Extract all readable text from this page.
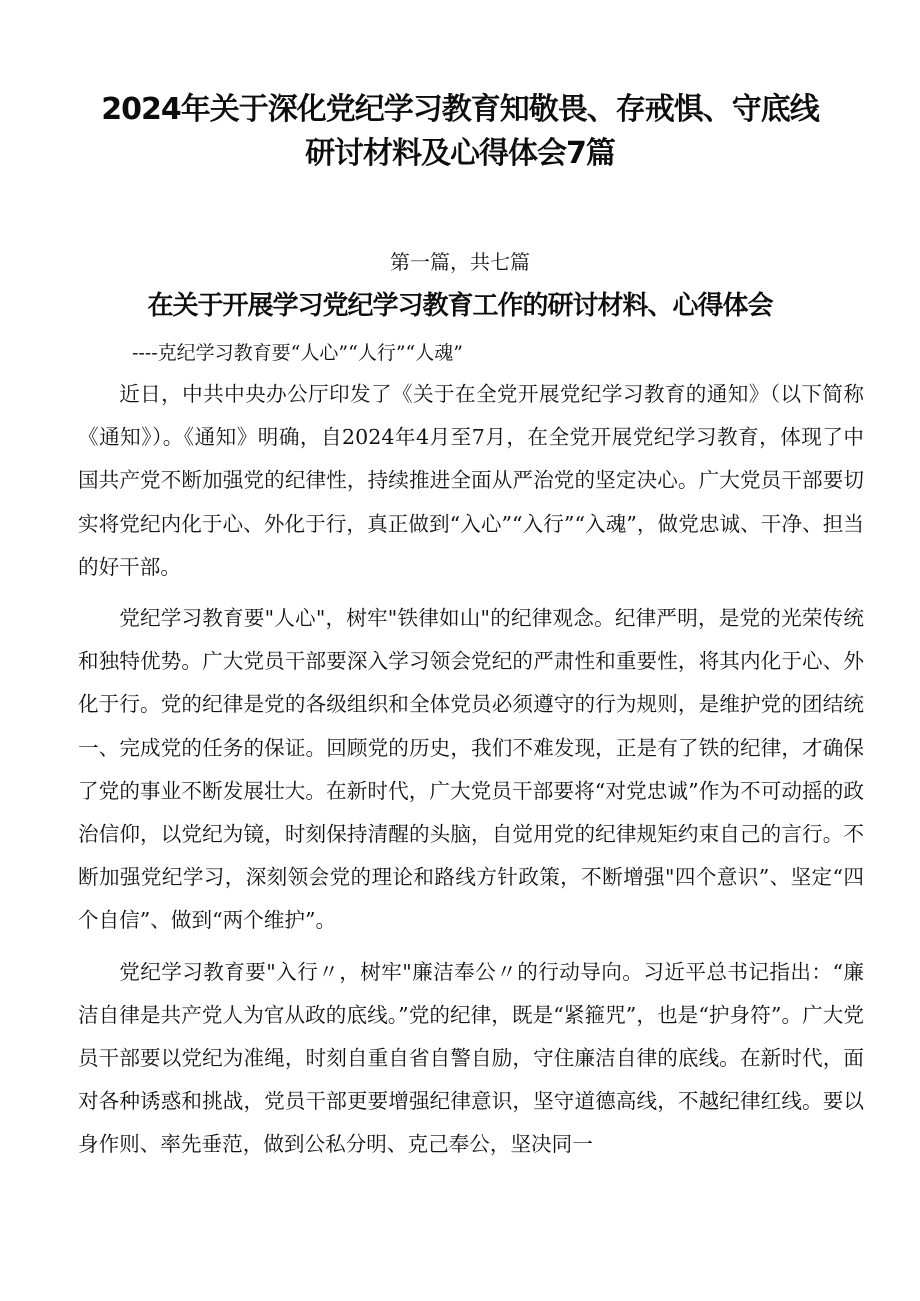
2024年关于深化党纪学习教育知敬畏、存戒惧、守底线研讨材料及心得体会7篇
第一篇，共七篇
在关于开展学习党纪学习教育工作的研讨材料、心得体会
----克纪学习教育要“人心”“人行”“人魂”

近日，中共中央办公厅印发了《关于在全党开展党纪学习教育的通知》（以下简称《通知》）。《通知》明确，自2024年4月至7月，在全党开展党纪学习教育，体现了中国共产党不断加强党的纪律性，持续推进全面从严治党的坚定决心。广大党员干部要切实将党纪内化于心、外化于行，真正做到“入心”“入行”“入魂”，做党忠诚、干净、担当的好干部。

党纪学习教育要"人心"，树牢"铁律如山"的纪律观念。纪律严明，是党的光荣传统和独特优势。广大党员干部要深入学习领会党纪的严肃性和重要性，将其内化于心、外化于行。党的纪律是党的各级组织和全体党员必须遵守的行为规则，是维护党的团结统一、完成党的任务的保证。回顾党的历史，我们不难发现，正是有了铁的纪律，才确保了党的事业不断发展壮大。在新时代，广大党员干部要将“对党忠诚”作为不可动摇的政治信仰，以党纪为镜，时刻保持清醒的头脑，自觉用党的纪律规矩约束自己的言行。不断加强党纪学习，深刻领会党的理论和路线方针政策，不断增强"四个意识”、坚定“四个自信”、做到“两个维护”。

党纪学习教育要"入行〃，树牢"廉洁奉公〃的行动导向。习近平总书记指出：“廉洁自律是共产党人为官从政的底线。”党的纪律，既是“紧箍咒”，也是“护身符”。广大党员干部要以党纪为准绳，时刻自重自省自警自励，守住廉洁自律的底线。在新时代，面对各种诱惑和挑战，党员干部更要增强纪律意识，坚守道德高线，不越纪律红线。要以身作则、率先垂范，做到公私分明、克己奉公，坚决同一
